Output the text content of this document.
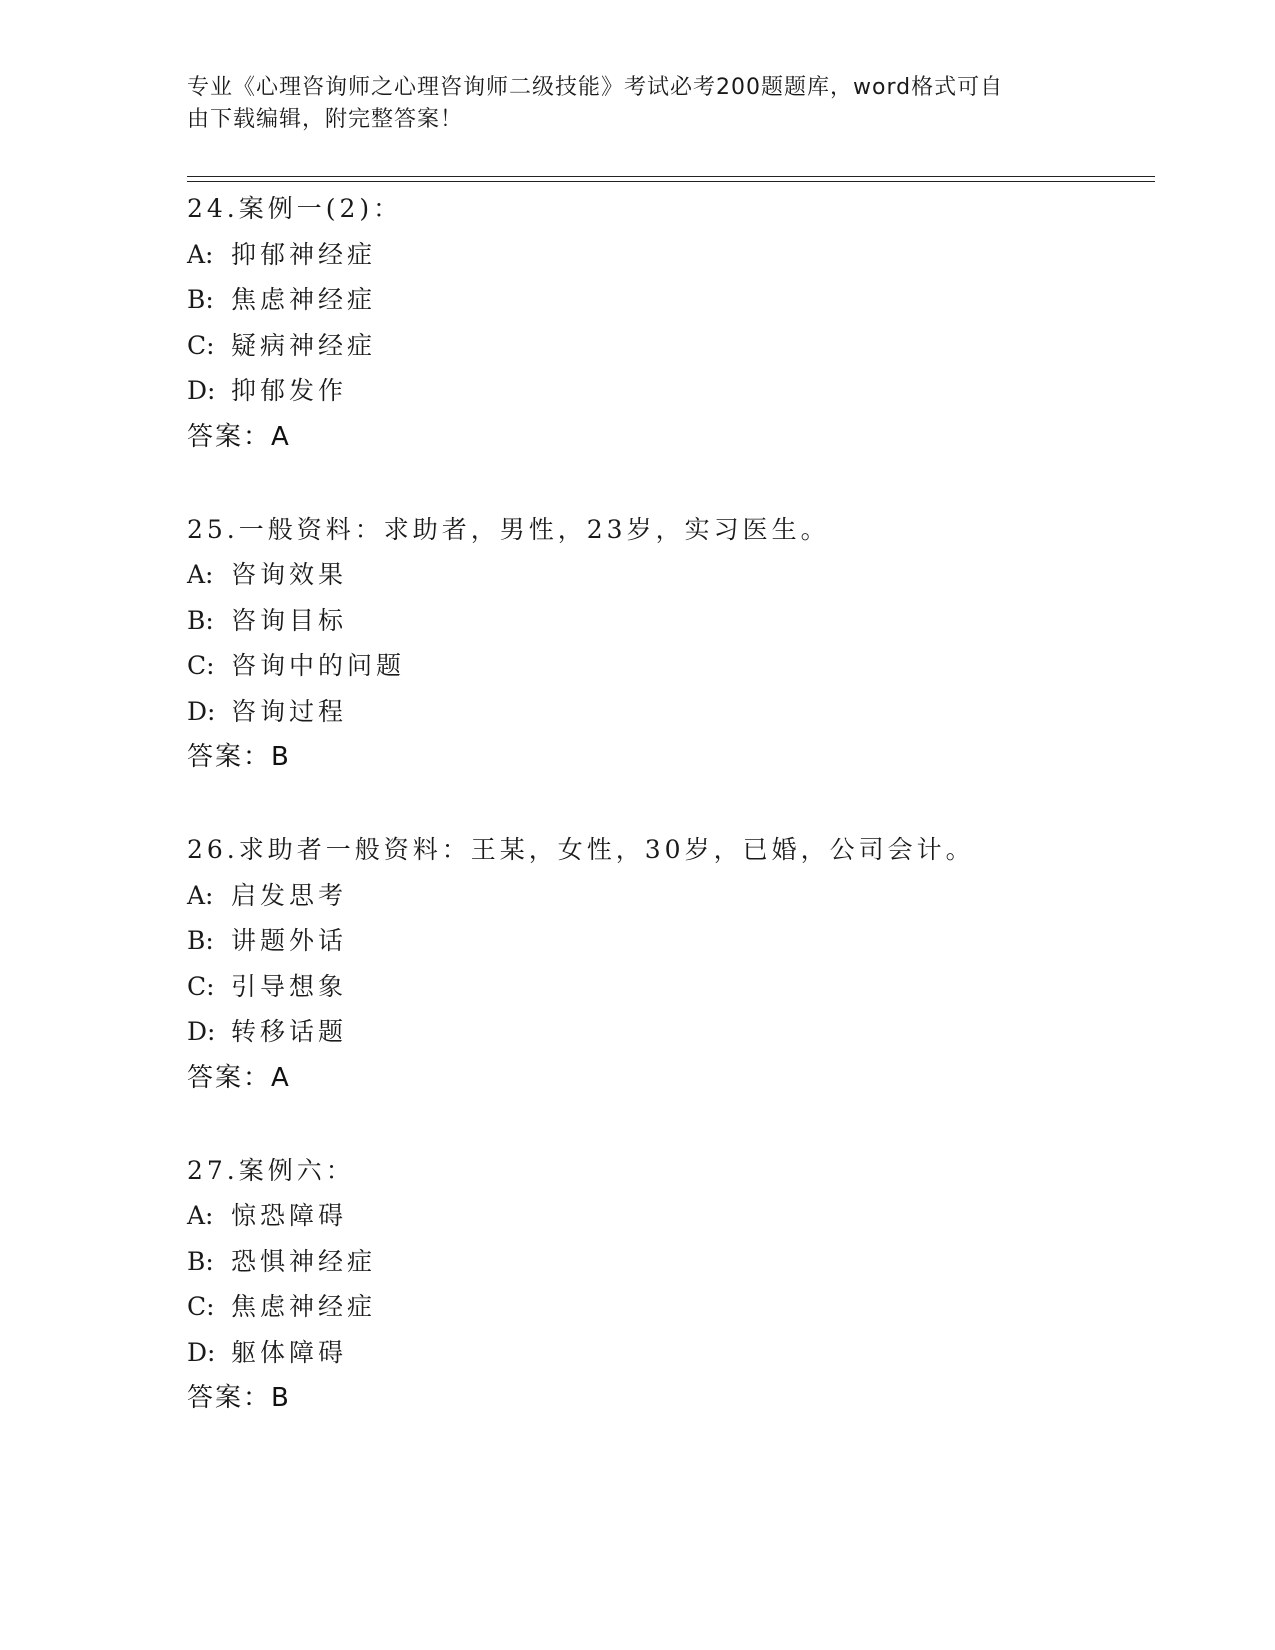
专业《心理咨询师之心理咨询师二级技能》考试必考200题题库，word格式可自
由下载编辑，附完整答案！
24.案例一(2)：
A: 抑郁神经症
B: 焦虑神经症
C: 疑病神经症
D: 抑郁发作
答案：A
25.一般资料：求助者，男性，23岁，实习医生。
A: 咨询效果
B: 咨询目标
C: 咨询中的问题
D: 咨询过程
答案：B
26.求助者一般资料：王某，女性，30岁，已婚，公司会计。
A: 启发思考
B: 讲题外话
C: 引导想象
D: 转移话题
答案：A
27.案例六：
A: 惊恐障碍
B: 恐惧神经症
C: 焦虑神经症
D: 躯体障碍
答案：B
